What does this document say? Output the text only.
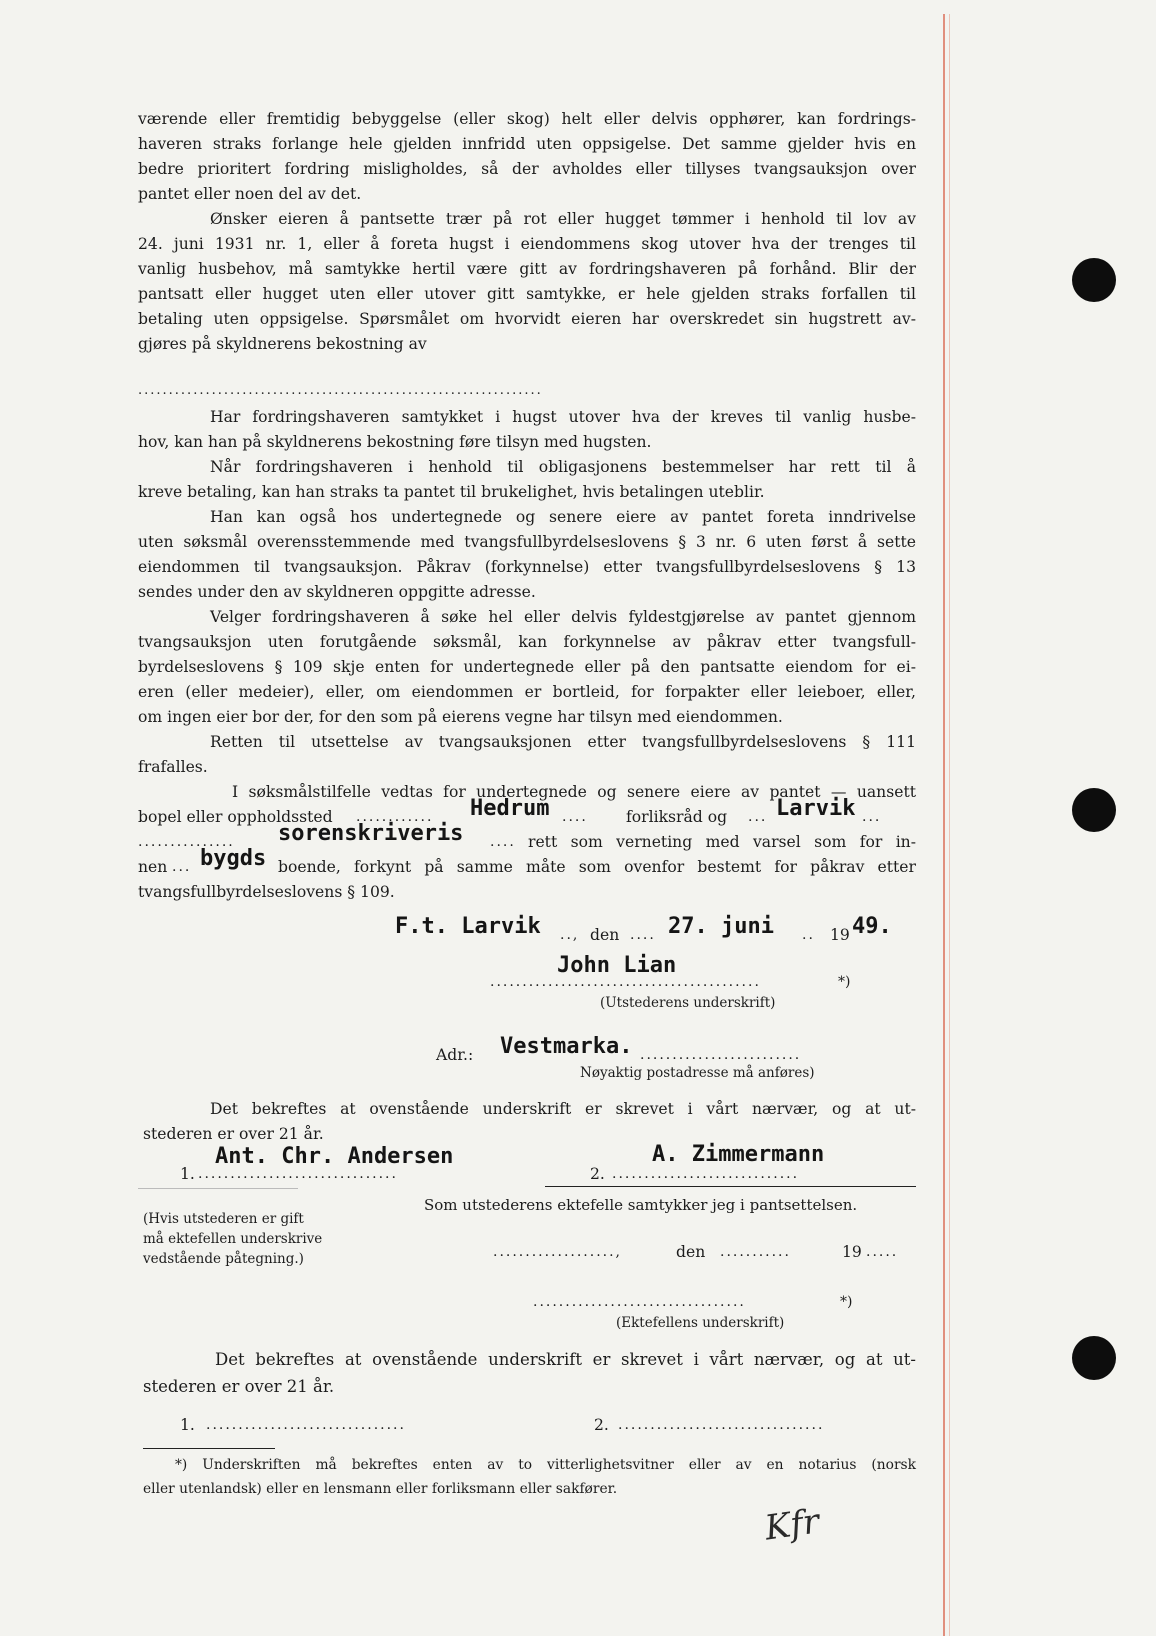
værende eller fremtidig bebyggelse (eller skog) helt eller delvis opphører, kan fordrings-
haveren straks forlange hele gjelden innfridd uten oppsigelse. Det samme gjelder hvis en
bedre prioritert fordring misligholdes, så der avholdes eller tillyses tvangsauksjon over
pantet eller noen del av det.
Ønsker eieren å pantsette trær på rot eller hugget tømmer i henhold til lov av
24. juni 1931 nr. 1, eller å foreta hugst i eiendommens skog utover hva der trenges til
vanlig husbehov, må samtykke hertil være gitt av fordringshaveren på forhånd. Blir der
pantsatt eller hugget uten eller utover gitt samtykke, er hele gjelden straks forfallen til
betaling uten oppsigelse. Spørsmålet om hvorvidt eieren har overskredet sin hugstrett av-
gjøres på skyldnerens bekostning av
..................................................................
Har fordringshaveren samtykket i hugst utover hva der kreves til vanlig husbe-
hov, kan han på skyldnerens bekostning føre tilsyn med hugsten.
Når fordringshaveren i henhold til obligasjonens bestemmelser har rett til å
kreve betaling, kan han straks ta pantet til brukelighet, hvis betalingen uteblir.
Han kan også hos undertegnede og senere eiere av pantet foreta inndrivelse
uten søksmål overensstemmende med tvangsfullbyrdelseslovens § 3 nr. 6 uten først å sette
eiendommen til tvangsauksjon. Påkrav (forkynnelse) etter tvangsfullbyrdelseslovens § 13
sendes under den av skyldneren oppgitte adresse.
Velger fordringshaveren å søke hel eller delvis fyldestgjørelse av pantet gjennom
tvangsauksjon uten forutgående søksmål, kan forkynnelse av påkrav etter tvangsfull-
byrdelseslovens § 109 skje enten for undertegnede eller på den pantsatte eiendom for ei-
eren (eller medeier), eller, om eiendommen er bortleid, for forpakter eller leieboer, eller,
om ingen eier bor der, for den som på eierens vegne har tilsyn med eiendommen.
Retten til utsettelse av tvangsauksjonen etter tvangsfullbyrdelseslovens § 111
frafalles.
I søksmålstilfelle vedtas for undertegnede og senere eiere av pantet — uansett
bopel eller oppholdssted ............ Hedrum .... forliksråd og ... Larvik ...
............... sorenskriveris .... rett som verneting med varsel som for in-
nen ... bygds boende, forkynt på samme måte som ovenfor bestemt for påkrav etter
tvangsfullbyrdelseslovens § 109.
F.t. Larvik .., den .... 27. juni .. 19 49.
John Lian
..........................................	*)
(Utstederens underskrift)
Adr.: Vestmarka. .........................
Nøyaktig postadresse må anføres)
Det bekreftes at ovenstående underskrift er skrevet i vårt nærvær, og at ut-
stederen er over 21 år.
1.
Ant. Chr. Andersen
...............................	2.
A. Zimmermann
.............................
(Hvis utstederen er gift
må ektefellen underskrive
vedstående påtegning.)
Som utstederens ektefelle samtykker jeg i pantsettelsen.
...................,	den ...........	19 .....
.................................	*)
(Ektefellens underskrift)
Det bekreftes at ovenstående underskrift er skrevet i vårt nærvær, og at ut-
stederen er over 21 år.
1. ...............................	2. ................................
*) Underskriften må bekreftes enten av to vitterlighetsvitner eller av en notarius (norsk
eller utenlandsk) eller en lensmann eller forliksmann eller sakfører.
Kfr
